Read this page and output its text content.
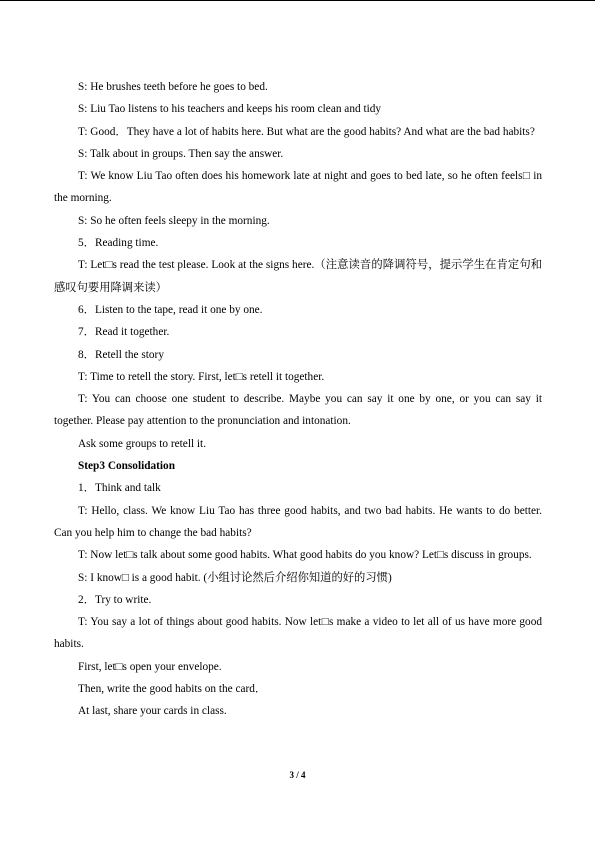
S: He brushes teeth before he goes to bed.

S: Liu Tao listens to his teachers and keeps his room clean and tidy

T: Good．They have a lot of habits here. But what are the good habits? And what are the bad habits?

S: Talk about in groups. Then say the answer.

T: We know Liu Tao often does his homework late at night and goes to bed late, so he often feels□ in the morning.

S: So he often feels sleepy in the morning.

5．Reading time.

T: Let□s read the test please. Look at the signs here.（注意读音的降调符号，提示学生在肯定句和感叹句要用降调来读）

6．Listen to the tape, read it one by one.

7．Read it together.

8．Retell the story

T: Time to retell the story. First, let□s retell it together.

T: You can choose one student to describe. Maybe you can say it one by one, or you can say it together. Please pay attention to the pronunciation and intonation.

Ask some groups to retell it.

Step3 Consolidation

1．Think and talk

T: Hello, class. We know Liu Tao has three good habits, and two bad habits. He wants to do better. Can you help him to change the bad habits?

T: Now let□s talk about some good habits. What good habits do you know? Let□s discuss in groups.

S: I know□ is a good habit. (小组讨论然后介绍你知道的好的习惯)

2．Try to write.

T: You say a lot of things about good habits. Now let□s make a video to let all of us have more good habits.

First, let□s open your envelope.

Then, write the good habits on the card．

At last, share your cards in class.

3 / 4
